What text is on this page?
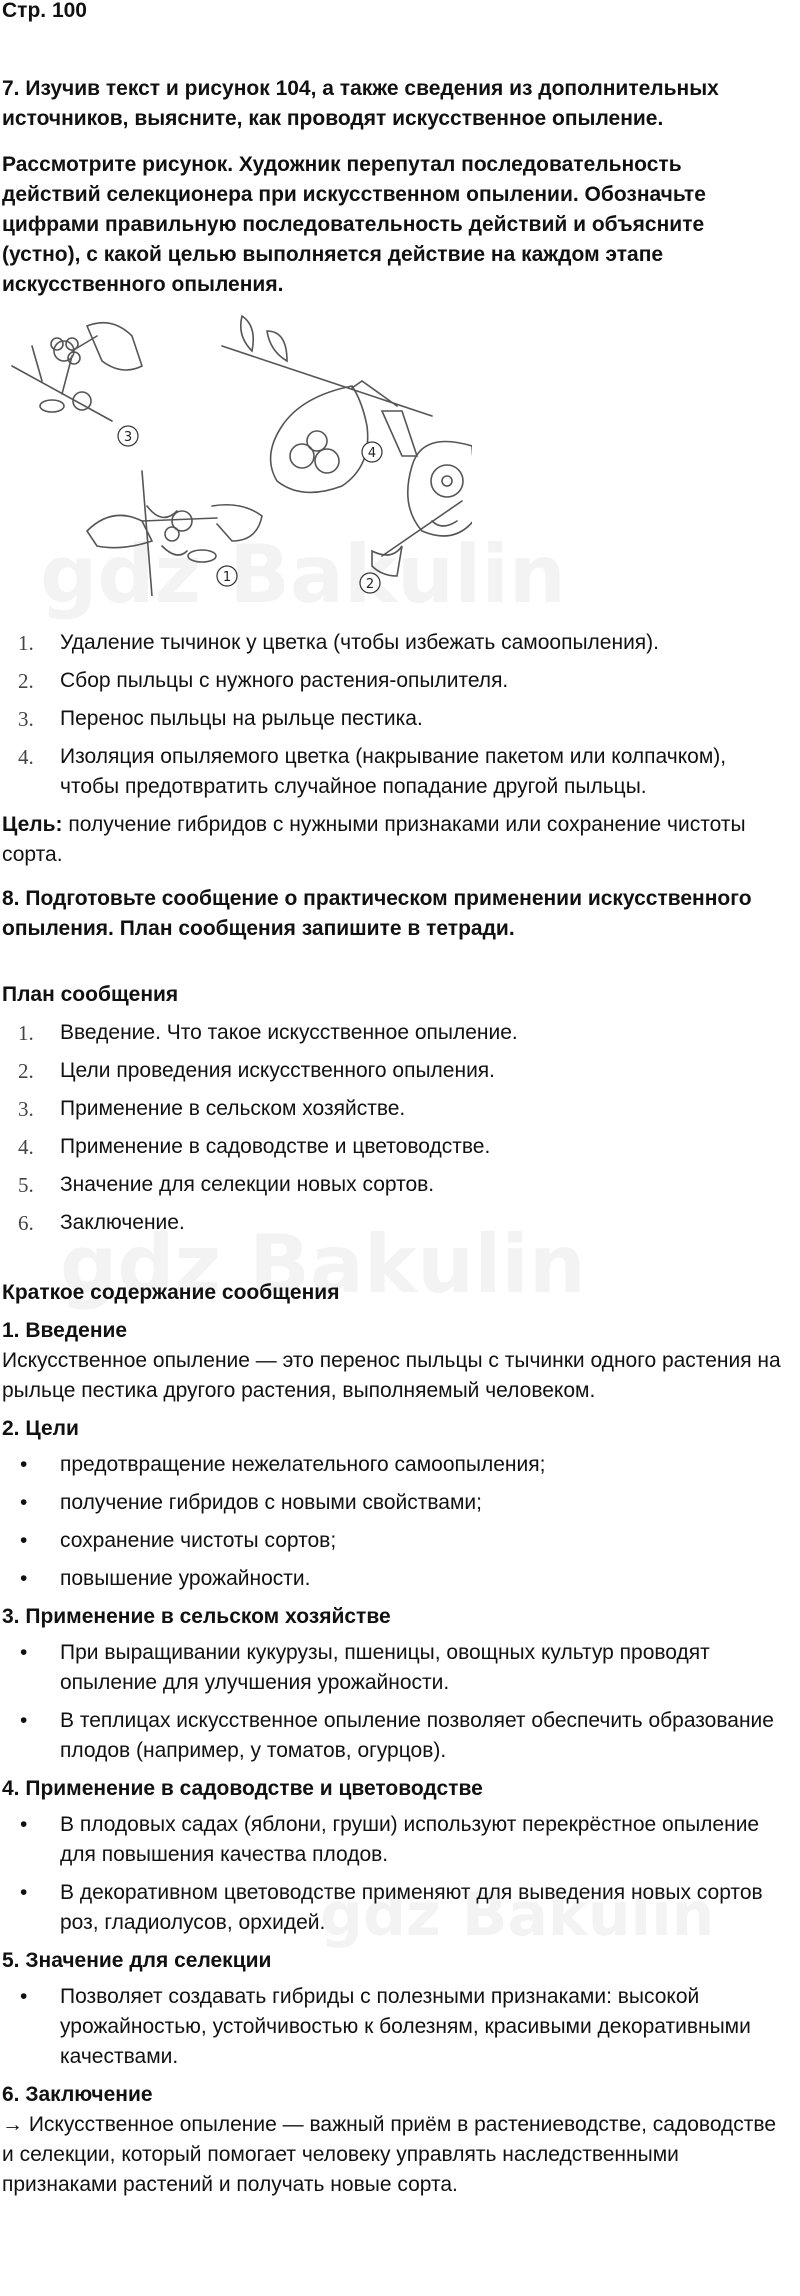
Стр. 100
7. Изучив текст и рисунок 104, а также сведения из дополнительных источников, выясните, как проводят искусственное опыление.
Рассмотрите рисунок. Художник перепутал последовательность действий селекционера при искусственном опылении. Обозначьте цифрами правильную последовательность действий и объясните (устно), с какой целью выполняется действие на каждом этапе искусственного опыления.
3
4
1	2
1. Удаление тычинок у цветка (чтобы избежать самоопыления).
2. Сбор пыльцы с нужного растения-опылителя.
3. Перенос пыльцы на рыльце пестика.
4. Изоляция опыляемого цветка (накрывание пакетом или колпачком), чтобы предотвратить случайное попадание другой пыльцы.

Цель: получение гибридов с нужными признаками или сохранение чистоты сорта.

8. Подготовьте сообщение о практическом применении искусственного опыления. План сообщения запишите в тетради.
План сообщения
1. Введение. Что такое искусственное опыление.
2. Цели проведения искусственного опыления.
3. Применение в сельском хозяйстве.
4. Применение в садоводстве и цветоводстве.
5. Значение для селекции новых сортов.
6. Заключение.
Краткое содержание сообщения
1. Введение

Искусственное опыление — это перенос пыльцы с тычинки одного растения на рыльце пестика другого растения, выполняемый человеком.

2. Цели
• предотвращение нежелательного самоопыления;
• получение гибридов с новыми свойствами;
• сохранение чистоты сортов;
• повышение урожайности.
3. Применение в сельском хозяйстве
• При выращивании кукурузы, пшеницы, овощных культур проводят опыление для улучшения урожайности.
• В теплицах искусственное опыление позволяет обеспечить образование плодов (например, у томатов, огурцов).
4. Применение в садоводстве и цветоводстве
• В плодовых садах (яблони, груши) используют перекрёстное опыление для повышения качества плодов.
• В декоративном цветоводстве применяют для выведения новых сортов роз, гладиолусов, орхидей.
5. Значение для селекции
• Позволяет создавать гибриды с полезными признаками: высокой урожайностью, устойчивостью к болезням, красивыми декоративными качествами.
6. Заключение

→ Искусственное опыление — важный приём в растениеводстве, садоводстве и селекции, который помогает человеку управлять наследственными признаками растений и получать новые сорта.
